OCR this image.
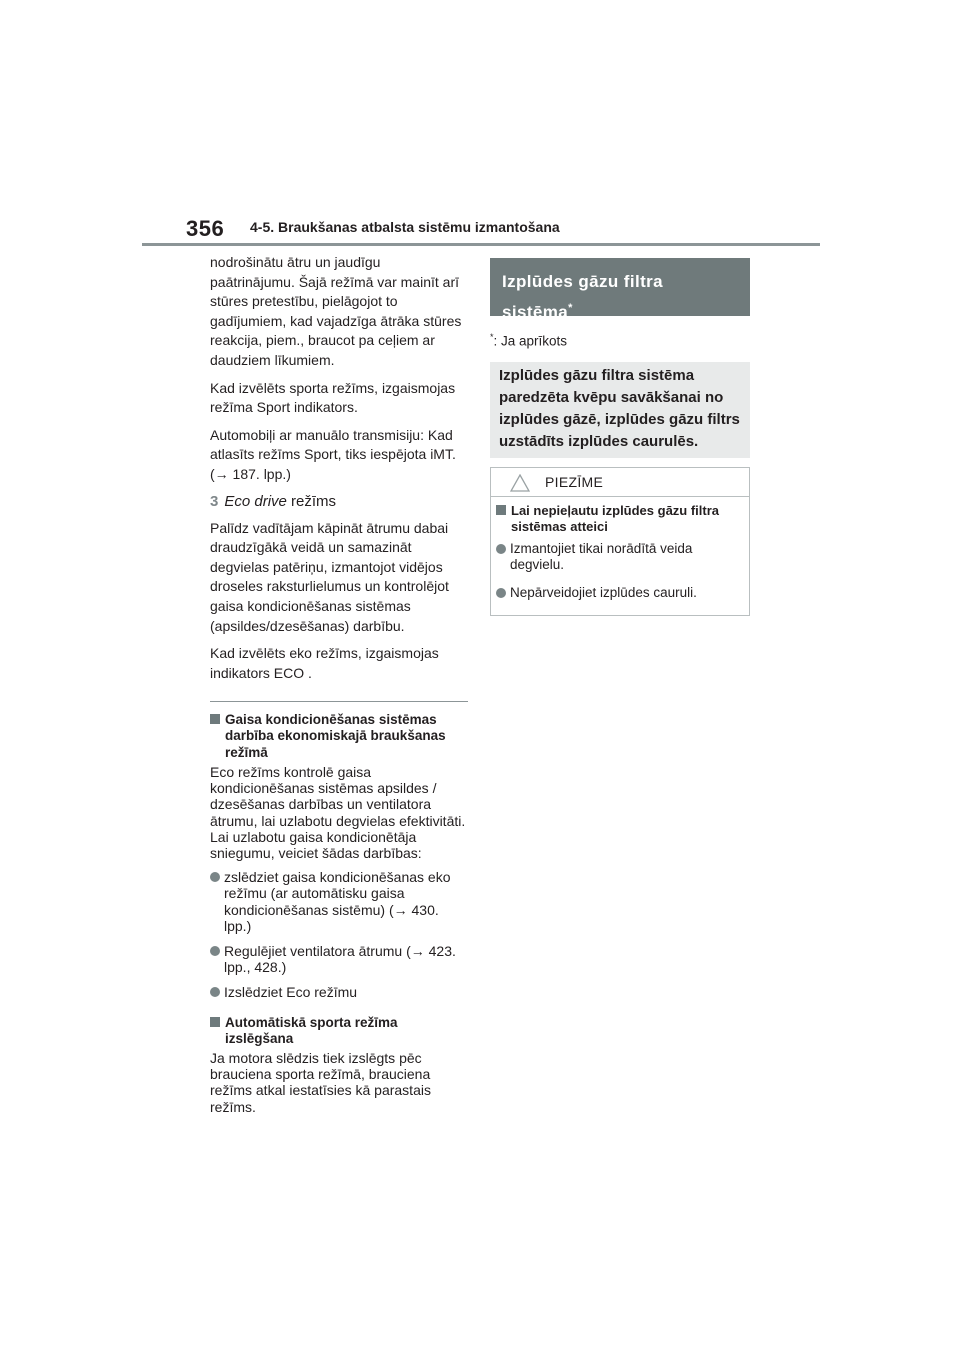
356 4-5. Braukšanas atbalsta sistēmu izmantošana

nodrošinātu ātru un jaudīgu paātrinājumu. Šajā režīmā var mainīt arī stūres pretestību, pielāgojot to gadījumiem, kad vajadzīga ātrāka stūres reakcija, piem., braucot pa ceļiem ar daudziem līkumiem.

Kad izvēlēts sporta režīms, izgaismojas režīma Sport indikators.

Automobiļi ar manuālo transmisiju: Kad atlasīts režīms Sport, tiks iespējota iMT. (→ 187. lpp.)

3 Eco drive režīms

Palīdz vadītājam kāpināt ātrumu dabai draudzīgākā veidā un samazināt degvielas patēriņu, izmantojot vidējos droseles raksturlielumus un kontrolējot gaisa kondicionēšanas sistēmas (apsildes/dzesēšanas) darbību.

Kad izvēlēts eko režīms, izgaismojas indikators ECO .

Gaisa kondicionēšanas sistēmas darbība ekonomiskajā braukšanas režīmā

Eco režīms kontrolē gaisa kondicionēšanas sistēmas apsildes / dzesēšanas darbības un ventilatora ātrumu, lai uzlabotu degvielas efektivitāti. Lai uzlabotu gaisa kondicionētāja sniegumu, veiciet šādas darbības:

zslēdziet gaisa kondicionēšanas eko režīmu (ar automātisku gaisa kondicionēšanas sistēmu) (→ 430. lpp.)
Regulējiet ventilatora ātrumu (→ 423. lpp., 428.)
Izslēdziet Eco režīmu
Automātiskā sporta režīma izslēgšana

Ja motora slēdzis tiek izslēgts pēc brauciena sporta režīmā, brauciena režīms atkal iestatīsies kā parastais režīms.

Izplūdes gāzu filtra sistēma*
*: Ja aprīkots
Izplūdes gāzu filtra sistēma paredzēta kvēpu savākšanai no izplūdes gāzē, izplūdes gāzu filtrs uzstādīts izplūdes caurulēs.
PIEZĪME
Lai nepieļautu izplūdes gāzu filtra sistēmas atteici
Izmantojiet tikai norādītā veida degvielu.
Nepārveidojiet izplūdes cauruli.
